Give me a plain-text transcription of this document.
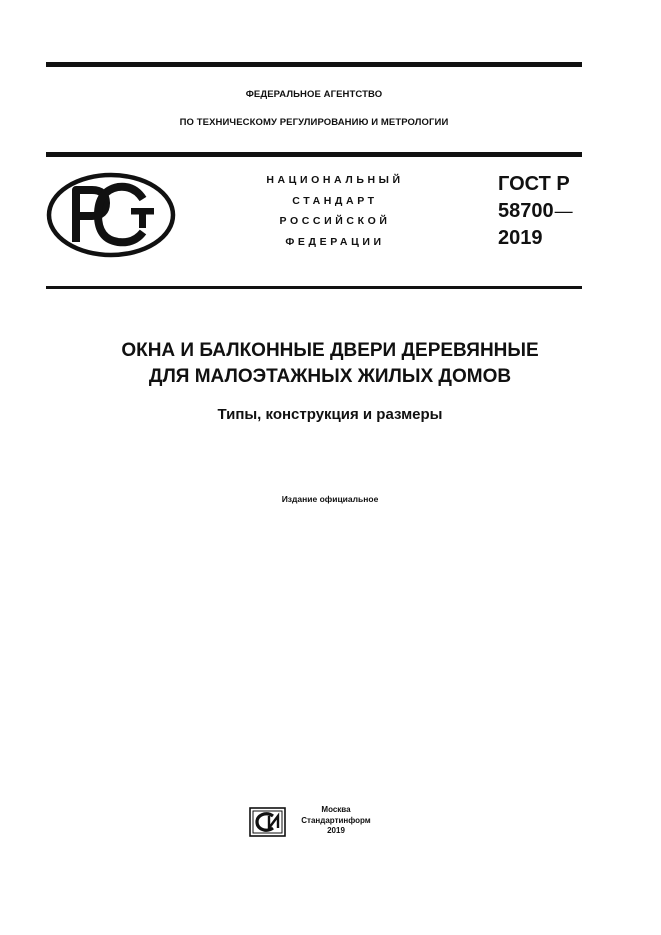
ФЕДЕРАЛЬНОЕ АГЕНТСТВО
ПО ТЕХНИЧЕСКОМУ РЕГУЛИРОВАНИЮ И МЕТРОЛОГИИ
НАЦИОНАЛЬНЫЙ
СТАНДАРТ
РОССИЙСКОЙ
ФЕДЕРАЦИИ
ГОСТ Р
58700—
2019
ОКНА И БАЛКОННЫЕ ДВЕРИ ДЕРЕВЯННЫЕ
ДЛЯ МАЛОЭТАЖНЫХ ЖИЛЫХ ДОМОВ
Типы, конструкция и размеры
Издание официальное
Москва
Стандартинформ
2019
